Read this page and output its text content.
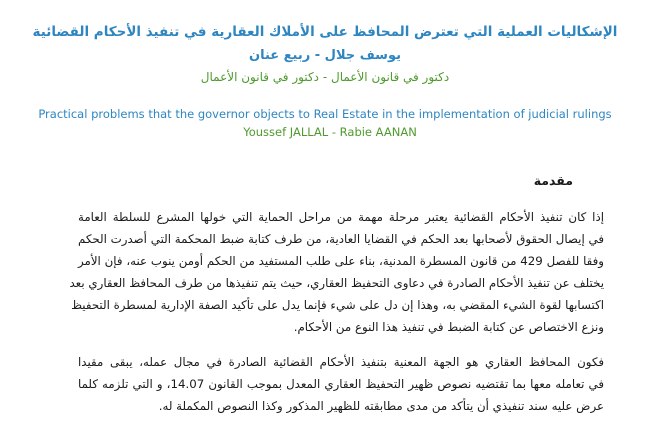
الإشكاليات العملية التي تعترض المحافظ على الأملاك العقارية في تنفيذ الأحكام القضائية
يوسف جلال - ربيع عنان
دكتور في قانون الأعمال - دكتور في قانون الأعمال
Practical problems that the governor objects to Real Estate in the implementation of judicial rulings
Youssef JALLAL - Rabie AANAN
مقدمة
إذا كان تنفيذ الأحكام القضائية يعتبر مرحلة مهمة من مراحل الحماية التي خولها المشرع للسلطة العامة
في إيصال الحقوق لأصحابها بعد الحكم في القضايا العادية، من طرف كتابة ضبط المحكمة التي أصدرت الحكم
وفقا للفصل 429 من قانون المسطرة المدنية، بناء على طلب المستفيد من الحكم أومن ينوب عنه، فإن الأمر
يختلف عن تنفيذ الأحكام الصادرة في دعاوى التحفيظ العقاري، حيث يتم تنفيذها من طرف المحافظ العقاري بعد
اكتسابها لقوة الشيء المقضي به، وهذا إن دل على شيء فإنما يدل على تأكيد الصفة الإدارية لمسطرة التحفيظ
ونزع الاختصاص عن كتابة الضبط في تنفيذ هذا النوع من الأحكام.
فكون المحافظ العقاري هو الجهة المعنية بتنفيذ الأحكام القضائية الصادرة في مجال عمله، يبقى مقيدا
في تعامله معها بما تقتضيه نصوص ظهير التحفيظ العقاري المعدل بموجب القانون 14.07، و التي تلزمه كلما
عرض عليه سند تنفيذي أن يتأكد من مدى مطابقته للظهير المذكور وكذا النصوص المكملة له.
